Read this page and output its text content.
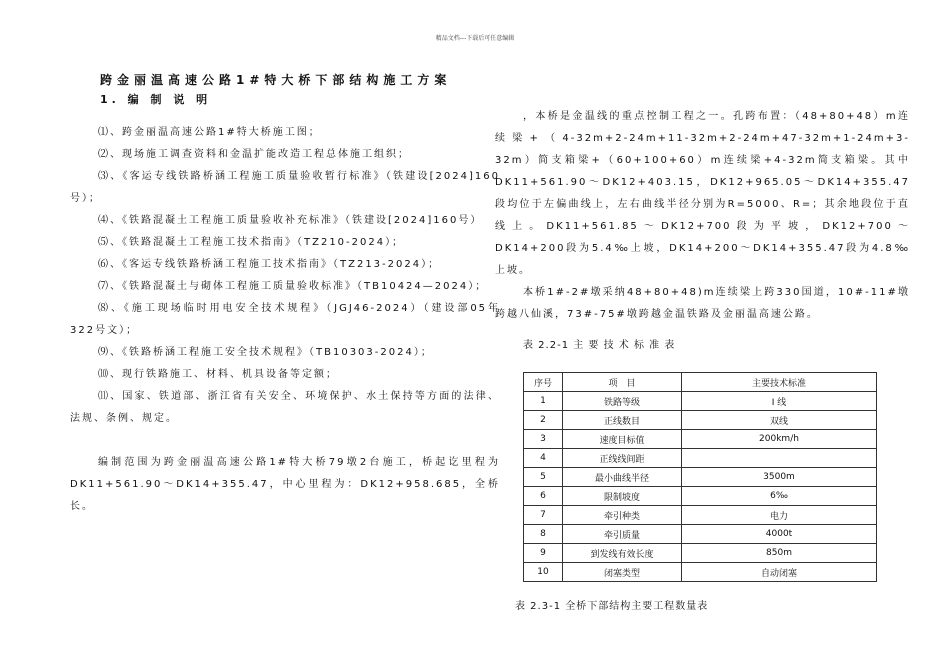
精品文档---下载后可任意编辑
跨金丽温高速公路1#特大桥下部结构施工方案
1. 编 制 说 明

⑴、跨金丽温高速公路1#特大桥施工图；

⑵、现场施工调查资料和金温扩能改造工程总体施工组织；

⑶、《客运专线铁路桥涵工程施工质量验收暂行标准》（铁建设[2024]160号）；

⑷、《铁路混凝土工程施工质量验收补充标准》（铁建设[2024]160号）

⑸、《铁路混凝土工程施工技术指南》（TZ210-2024）；

⑹、《客运专线铁路桥涵工程施工技术指南》（TZ213-2024）；

⑺、《铁路混凝土与砌体工程施工质量验收标准》（TB10424—2024）；

⑻、《施工现场临时用电安全技术规程》（JGJ46-2024）（建设部05年322号文）；

⑼、《铁路桥涵工程施工安全技术规程》（TB10303-2024）；

⑽、现行铁路施工、材料、机具设备等定额；

⑾、国家、铁道部、浙江省有关安全、环境保护、水土保持等方面的法律、法规、条例、规定。

编制范围为跨金丽温高速公路1#特大桥79墩2台施工，桥起讫里程为DK11+561.90～DK14+355.47，中心里程为：DK12+958.685，全桥长。

，本桥是金温线的重点控制工程之一。孔跨布置：（48+80+48）m连续梁+（4-32m+2-24m+11-32m+2-24m+47-32m+1-24m+3-32m）简支箱梁+（60+100+60）m连续梁+4-32m简支箱梁。其中DK11+561.90～DK12+403.15，DK12+965.05～DK14+355.47段均位于左偏曲线上，左右曲线半径分别为R=5000、R=；其余地段位于直线上。DK11+561.85～DK12+700段为平坡，DK12+700～DK14+200段为5.4‰上坡，DK14+200～DK14+355.47段为4.8‰上坡。

本桥1#-2#墩采纳48+80+48)m连续梁上跨330国道，10#-11#墩跨越八仙溪，73#-75#墩跨越金温铁路及金丽温高速公路。

表 2.2-1 主 要 技 术 标 准 表
序号	项　目	主要技术标准
1	铁路等级	I 线
2	正线数目	双线
3	速度目标值	200km/h
4	正线线间距	
5	最小曲线半径	3500m
6	限制坡度	6‰
7	牵引种类	电力
8	牵引质量	4000t
9	到发线有效长度	850m
10	闭塞类型	自动闭塞
表 2.3-1 全桥下部结构主要工程数量表
